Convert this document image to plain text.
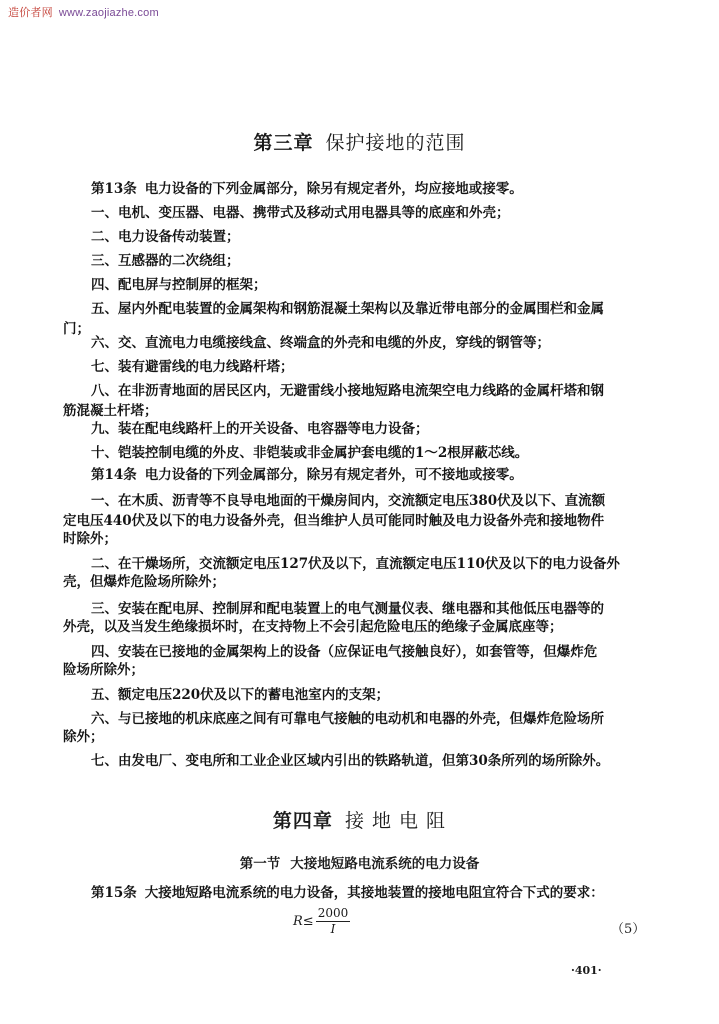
造价者网 www.zaojiazhe.com
第三章 保护接地的范围
第13条 电力设备的下列金属部分，除另有规定者外，均应接地或接零。
一、电机、变压器、电器、携带式及移动式用电器具等的底座和外壳；
二、电力设备传动装置；
三、互感器的二次绕组；
四、配电屏与控制屏的框架；
五、屋内外配电装置的金属架构和钢筋混凝土架构以及靠近带电部分的金属围栏和金属
门；
六、交、直流电力电缆接线盒、终端盒的外壳和电缆的外皮，穿线的钢管等；
七、装有避雷线的电力线路杆塔；
八、在非沥青地面的居民区内，无避雷线小接地短路电流架空电力线路的金属杆塔和钢
筋混凝土杆塔；
九、装在配电线路杆上的开关设备、电容器等电力设备；
十、铠装控制电缆的外皮、非铠装或非金属护套电缆的1～2根屏蔽芯线。
第14条 电力设备的下列金属部分，除另有规定者外，可不接地或接零。
一、在木质、沥青等不良导电地面的干燥房间内，交流额定电压380伏及以下、直流额
定电压440伏及以下的电力设备外壳，但当维护人员可能同时触及电力设备外壳和接地物件
时除外；
二、在干燥场所，交流额定电压127伏及以下，直流额定电压110伏及以下的电力设备外
壳，但爆炸危险场所除外；
三、安装在配电屏、控制屏和配电装置上的电气测量仪表、继电器和其他低压电器等的
外壳，以及当发生绝缘损坏时，在支持物上不会引起危险电压的绝缘子金属底座等；
四、安装在已接地的金属架构上的设备（应保证电气接触良好），如套管等，但爆炸危
险场所除外；
五、额定电压220伏及以下的蓄电池室内的支架；
六、与已接地的机床底座之间有可靠电气接触的电动机和电器的外壳，但爆炸危险场所
除外；
七、由发电厂、变电所和工业企业区域内引出的铁路轨道，但第30条所列的场所除外。
第四章 接 地 电 阻
第一节 大接地短路电流系统的电力设备
第15条 大接地短路电流系统的电力设备，其接地装置的接地电阻宜符合下式的要求：
$R\le \frac{2000}{I}$	（5）
·401·
